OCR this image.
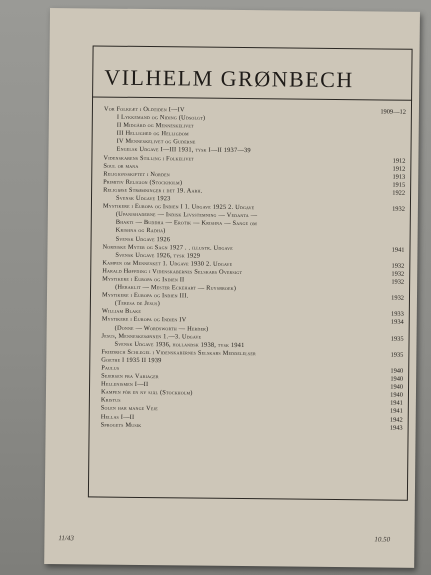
VILHELM GRØNBECH
Vor Folkeæt i Oldtiden I—IV	1909—12
I Lykkemand og Niding (Udsolgt)
II Midgård og Menneskelivet
III Hellighed og Helligdom
IV Menneskelivet og Guderne
Engelsk Udgave I—III 1931, tysk I—II 1937—39
Videnskabens Stilling i Folkelivet	1912
Soul or mana	1912
Religionsskiftet i Norden	1913
Primitiv Religion (Stockholm)	1915
Religiøse Strømninger i det 19. Aarh.	1922
Svensk Udgave 1923
Mystikere i Europa og Indien I 1. Udgave 1925 2. Udgave	1932
(Upanishaderne — Indisk Livsstemning — Vedanta —
Bhakti — Buddha — Erotik — Krishna — Sange om
Krishna og Radha)
Svensk Udgave 1926
Nordiske Myter og Sagn 1927 . . illustr. Udgave	1941
Svensk Udgave 1926, tysk 1929
Kampen om Mennesket 1. Udgave 1930 2. Udgave	1932
Harald Høffding i Videnskabernes Selskabs Oversigt	1932
Mystikere i Europa og Indien II	1932
(Heraklit — Mester Eckehart — Ruysbroek)
Mystikere i Europa og Indien III.	1932
(Teresa de Jesus)
William Blake	1933
Mystikere i Europa og Indien IV	1934
(Donne — Wordsworth — Herder)
Jesus, Menneskesønnen 1.—3. Udgave	1935
Svensk Udgave 1936, hollandsk 1938, tysk 1941
Friedrich Schlegel i Videnskabernes Selskabs Meddelelser	1935
Goethe I 1935 II 1939
Paulus	1940
Sejersen fra Variager	1940
Hellenismen I—II	1940
Kampen för en ny själ (Stockholm)	1940
Kristus	1941
Solen har mange Veje	1941
Hellas I—II	1942
Sprogets Musik	1943
11/43	10.50
